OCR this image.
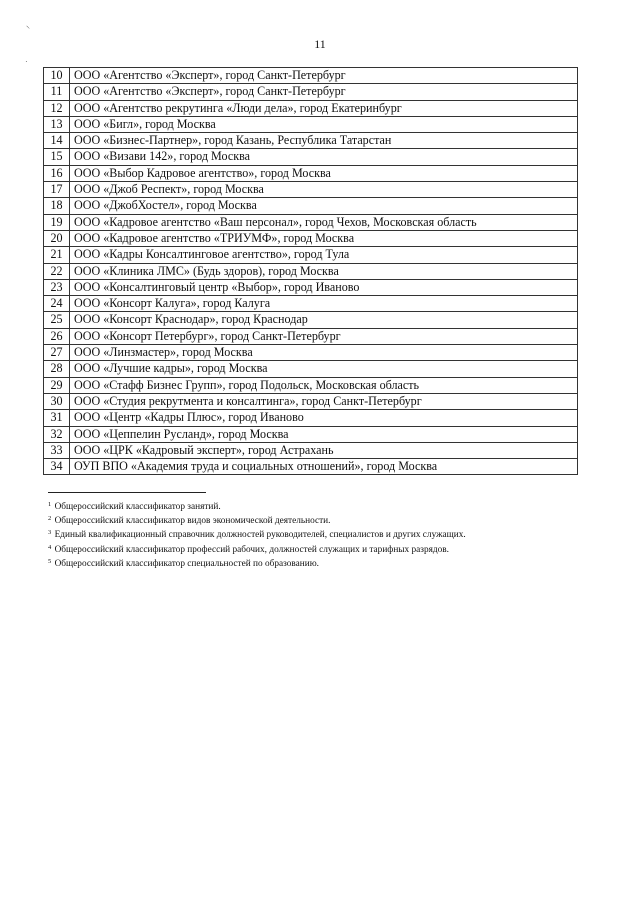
⸜
·
11
10	ООО «Агентство «Эксперт», город Санкт-Петербург
11	ООО «Агентство «Эксперт», город Санкт-Петербург
12	ООО «Агентство рекрутинга «Люди дела», город Екатеринбург
13	ООО «Бигл», город Москва
14	ООО «Бизнес-Партнер», город Казань, Республика Татарстан
15	ООО «Визави 142», город Москва
16	ООО «Выбор Кадровое агентство», город Москва
17	ООО «Джоб Респект», город Москва
18	ООО «ДжобХостел», город Москва
19	ООО «Кадровое агентство «Ваш персонал», город Чехов, Московская область
20	ООО «Кадровое агентство «ТРИУМФ», город Москва
21	ООО «Кадры Консалтинговое агентство», город Тула
22	ООО «Клиника ЛМС» (Будь здоров), город Москва
23	ООО «Консалтинговый центр «Выбор», город Иваново
24	ООО «Консорт Калуга», город Калуга
25	ООО «Консорт Краснодар», город Краснодар
26	ООО «Консорт Петербург», город Санкт-Петербург
27	ООО «Линзмастер», город Москва
28	ООО «Лучшие кадры», город Москва
29	ООО «Стафф Бизнес Групп», город Подольск, Московская область
30	ООО «Студия рекрутмента и консалтинга», город Санкт-Петербург
31	ООО «Центр «Кадры Плюс», город Иваново
32	ООО «Цеппелин Русланд», город Москва
33	ООО «ЦРК «Кадровый эксперт», город Астрахань
34	ОУП ВПО «Академия труда и социальных отношений», город Москва
$^1$ Общероссийский классификатор занятий.
$^2$ Общероссийский классификатор видов экономической деятельности.
$^3$ Единый квалификационный справочник должностей руководителей, специалистов и других служащих.
$^4$ Общероссийский классификатор профессий рабочих, должностей служащих и тарифных разрядов.
$^5$ Общероссийский классификатор специальностей по образованию.
